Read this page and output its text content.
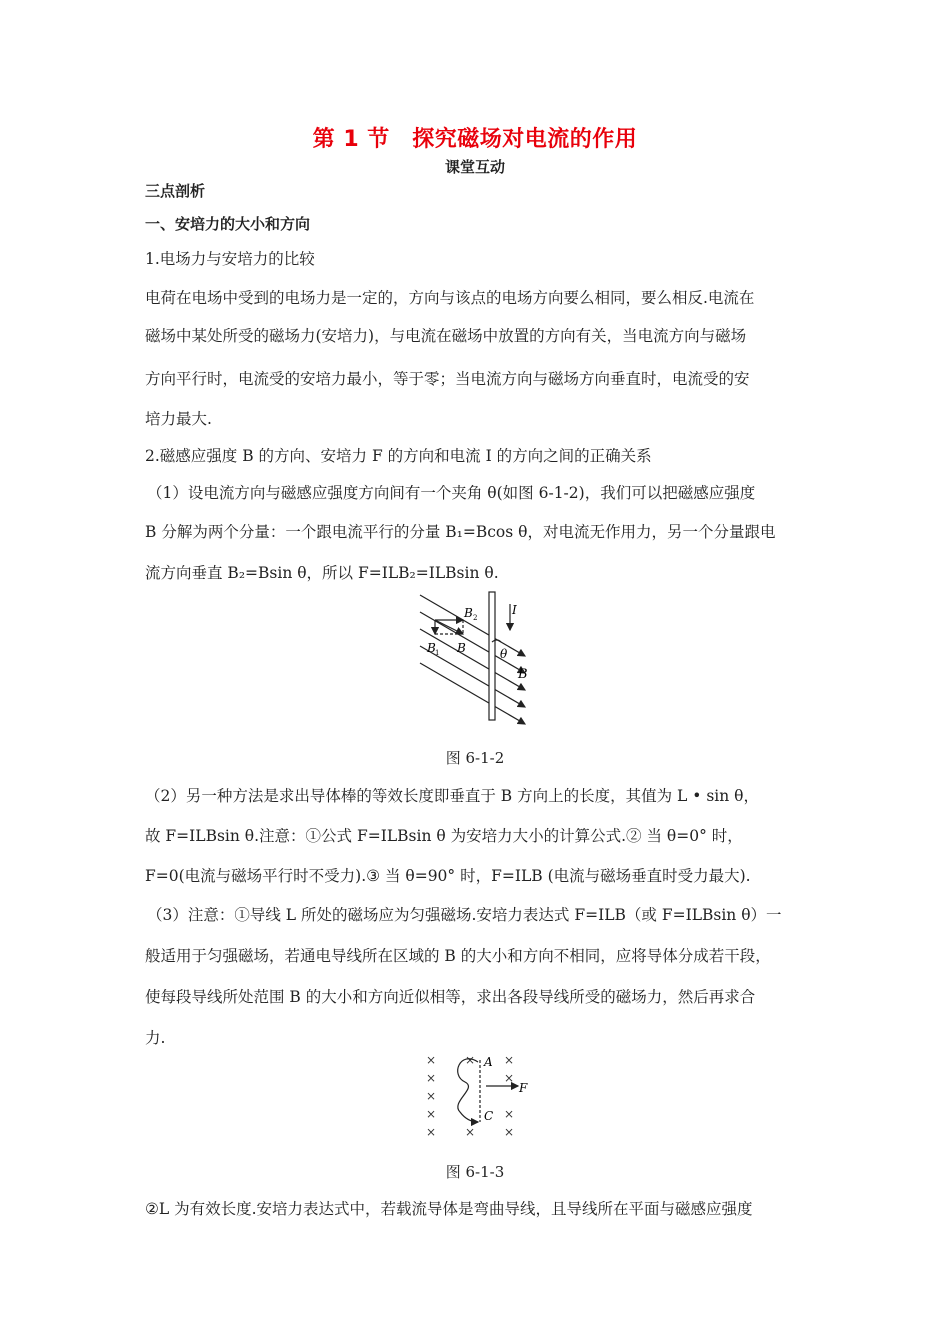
第 1 节　探究磁场对电流的作用
课堂互动
三点剖析
一、安培力的大小和方向
1.电场力与安培力的比较
电荷在电场中受到的电场力是一定的，方向与该点的电场方向要么相同，要么相反.电流在
磁场中某处所受的磁场力(安培力)，与电流在磁场中放置的方向有关，当电流方向与磁场
方向平行时，电流受的安培力最小，等于零；当电流方向与磁场方向垂直时，电流受的安
培力最大.
2.磁感应强度 B 的方向、安培力 F 的方向和电流 I 的方向之间的正确关系
（1）设电流方向与磁感应强度方向间有一个夹角 θ(如图 6-1-2)，我们可以把磁感应强度
B 分解为两个分量：一个跟电流平行的分量 B₁=Bcos θ，对电流无作用力，另一个分量跟电
流方向垂直 B₂=Bsin θ，所以 F=ILB₂=ILBsin θ.
I
B 2
B 1 B	θ
B
图 6-1-2
（2）另一种方法是求出导体棒的等效长度即垂直于 B 方向上的长度，其值为 L • sin θ，
故 F=ILBsin θ.注意：①公式 F=ILBsin θ 为安培力大小的计算公式.② 当 θ=0° 时，
F=0(电流与磁场平行时不受力).③ 当 θ=90° 时，F=ILB (电流与磁场垂直时受力最大).
（3）注意：①导线 L 所处的磁场应为匀强磁场.安培力表达式 F=ILB（或 F=ILBsin θ）一
般适用于匀强磁场，若通电导线所在区域的 B 的大小和方向不相同，应将导体分成若干段，
使每段导线所处范围 B 的大小和方向近似相等，求出各段导线所受的磁场力，然后再求合
力.
×
×
×
×
×
×
×
×
×
×
×
A
C
F
图 6-1-3
②L 为有效长度.安培力表达式中，若载流导体是弯曲导线，且导线所在平面与磁感应强度
